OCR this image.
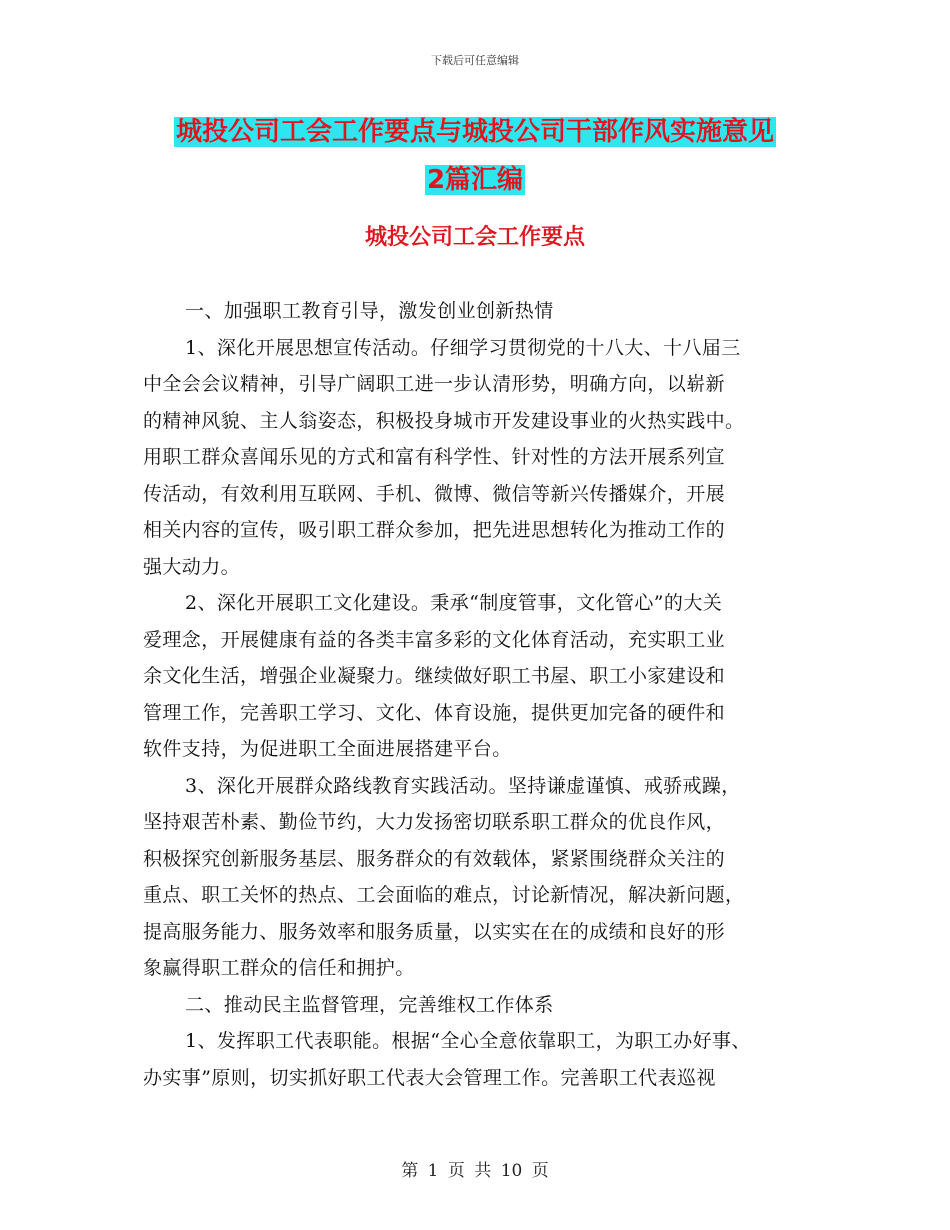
下载后可任意编辑
城投公司工会工作要点与城投公司干部作风实施意见
2篇汇编
城投公司工会工作要点
一、加强职工教育引导，激发创业创新热情
1、深化开展思想宣传活动。仔细学习贯彻党的十八大、十八届三
中全会会议精神，引导广阔职工进一步认清形势，明确方向，以崭新
的精神风貌、主人翁姿态，积极投身城市开发建设事业的火热实践中。
用职工群众喜闻乐见的方式和富有科学性、针对性的方法开展系列宣
传活动，有效利用互联网、手机、微博、微信等新兴传播媒介，开展
相关内容的宣传，吸引职工群众参加，把先进思想转化为推动工作的
强大动力。
2、深化开展职工文化建设。秉承“制度管事，文化管心”的大关
爱理念，开展健康有益的各类丰富多彩的文化体育活动，充实职工业
余文化生活，增强企业凝聚力。继续做好职工书屋、职工小家建设和
管理工作，完善职工学习、文化、体育设施，提供更加完备的硬件和
软件支持，为促进职工全面进展搭建平台。
3、深化开展群众路线教育实践活动。坚持谦虚谨慎、戒骄戒躁，
坚持艰苦朴素、勤俭节约，大力发扬密切联系职工群众的优良作风，
积极探究创新服务基层、服务群众的有效载体，紧紧围绕群众关注的
重点、职工关怀的热点、工会面临的难点，讨论新情况，解决新问题，
提高服务能力、服务效率和服务质量，以实实在在的成绩和良好的形
象赢得职工群众的信任和拥护。
二、推动民主监督管理，完善维权工作体系
1、发挥职工代表职能。根据“全心全意依靠职工，为职工办好事、
办实事”原则，切实抓好职工代表大会管理工作。完善职工代表巡视
第 1 页 共 10 页
